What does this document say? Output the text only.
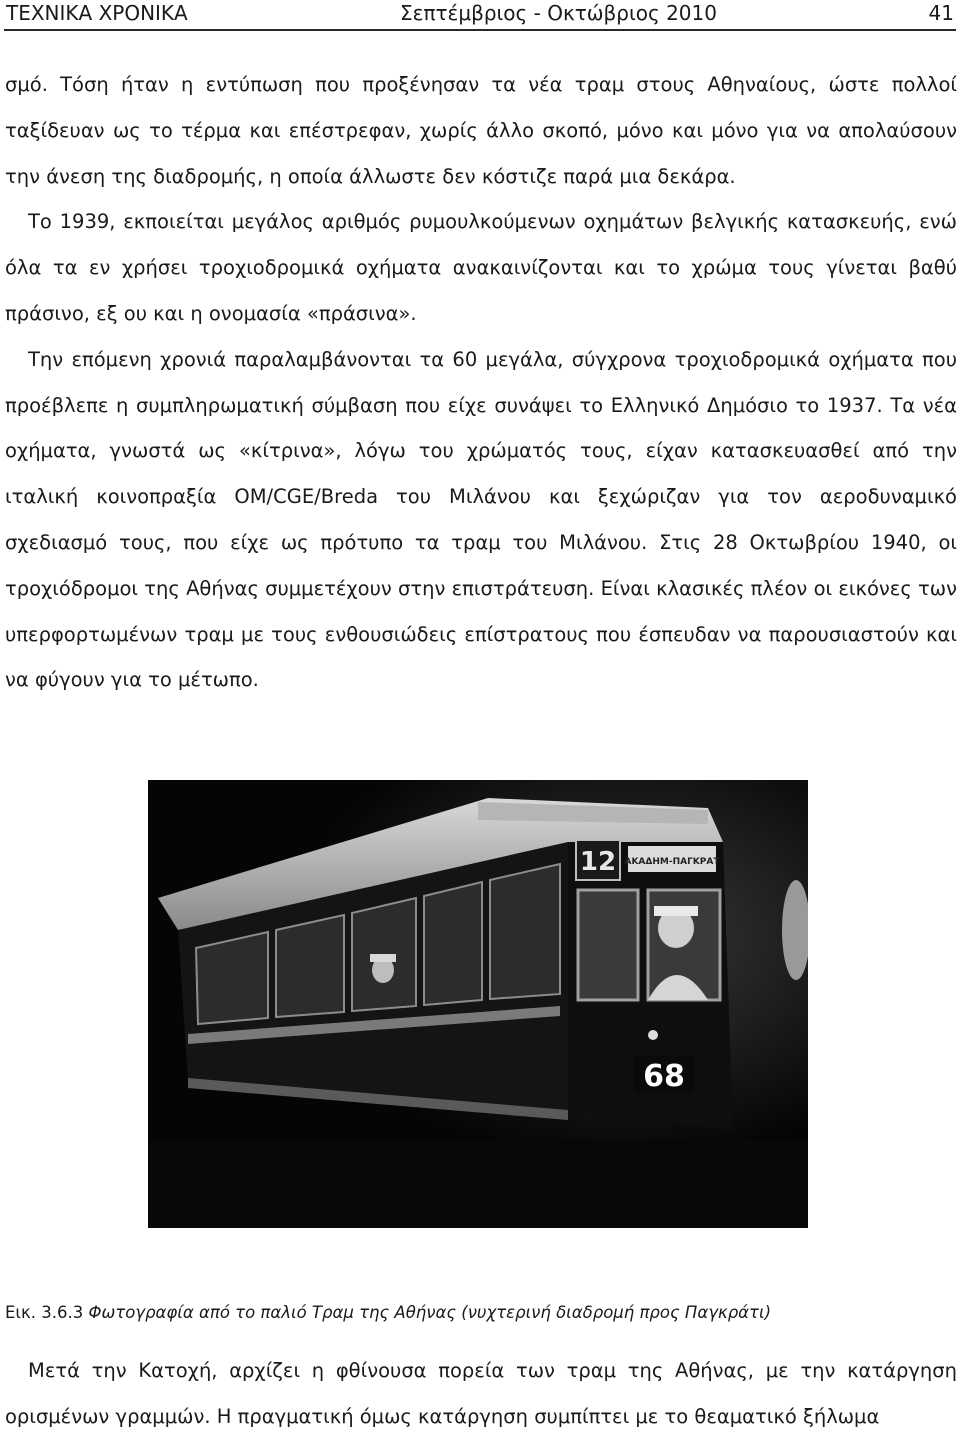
ΤΕΧΝΙΚΑ ΧΡΟΝΙΚΑ	Σεπτέμβριος - Οκτώβριος 2010	41

σμό. Τόση ήταν η εντύπωση που προξένησαν τα νέα τραμ στους Αθηναίους, ώστε πολλοί ταξίδευαν ως το τέρμα και επέστρεφαν, χωρίς άλλο σκοπό, μόνο και μόνο για να απολαύσουν την άνεση της διαδρομής, η οποία άλλωστε δεν κόστιζε παρά μια δεκάρα.

Το 1939, εκποιείται μεγάλος αριθμός ρυμουλκούμενων οχημάτων βελγικής κατασκευής, ενώ όλα τα εν χρήσει τροχιοδρομικά οχήματα ανακαινίζονται και το χρώμα τους γίνεται βαθύ πράσινο, εξ ου και η ονομασία «πράσινα».

Την επόμενη χρονιά παραλαμβάνονται τα 60 μεγάλα, σύγχρονα τροχιοδρομικά οχήματα που προέβλεπε η συμπληρωματική σύμβαση που είχε συνάψει το Ελληνικό Δημόσιο το 1937. Τα νέα οχήματα, γνωστά ως «κίτρινα», λόγω του χρώματός τους, είχαν κατασκευασθεί από την ιταλική κοινοπραξία OM/CGE/Breda του Μιλάνου και ξεχώριζαν για τον αεροδυναμικό σχεδιασμό τους, που είχε ως πρότυπο τα τραμ του Μιλάνου. Στις 28 Οκτωβρίου 1940, οι τροχιόδρομοι της Αθήνας συμμετέχουν στην επιστράτευση. Είναι κλασικές πλέον οι εικόνες των υπερφορτωμένων τραμ με τους ενθουσιώδεις επίστρατους που έσπευδαν να παρουσιαστούν και να φύγουν για το μέτωπο.

12 ΑΚΑΔΗΜ-ΠΑΓΚΡΑΤ
68
Εικ. 3.6.3 Φωτογραφία από το παλιό Τραμ της Αθήνας (νυχτερινή διαδρομή προς Παγκράτι)

Μετά την Κατοχή, αρχίζει η φθίνουσα πορεία των τραμ της Αθήνας, με την κατάργηση ορισμένων γραμμών. Η πραγματική όμως κατάργηση συμπίπτει με το θεαματικό ξήλωμα
